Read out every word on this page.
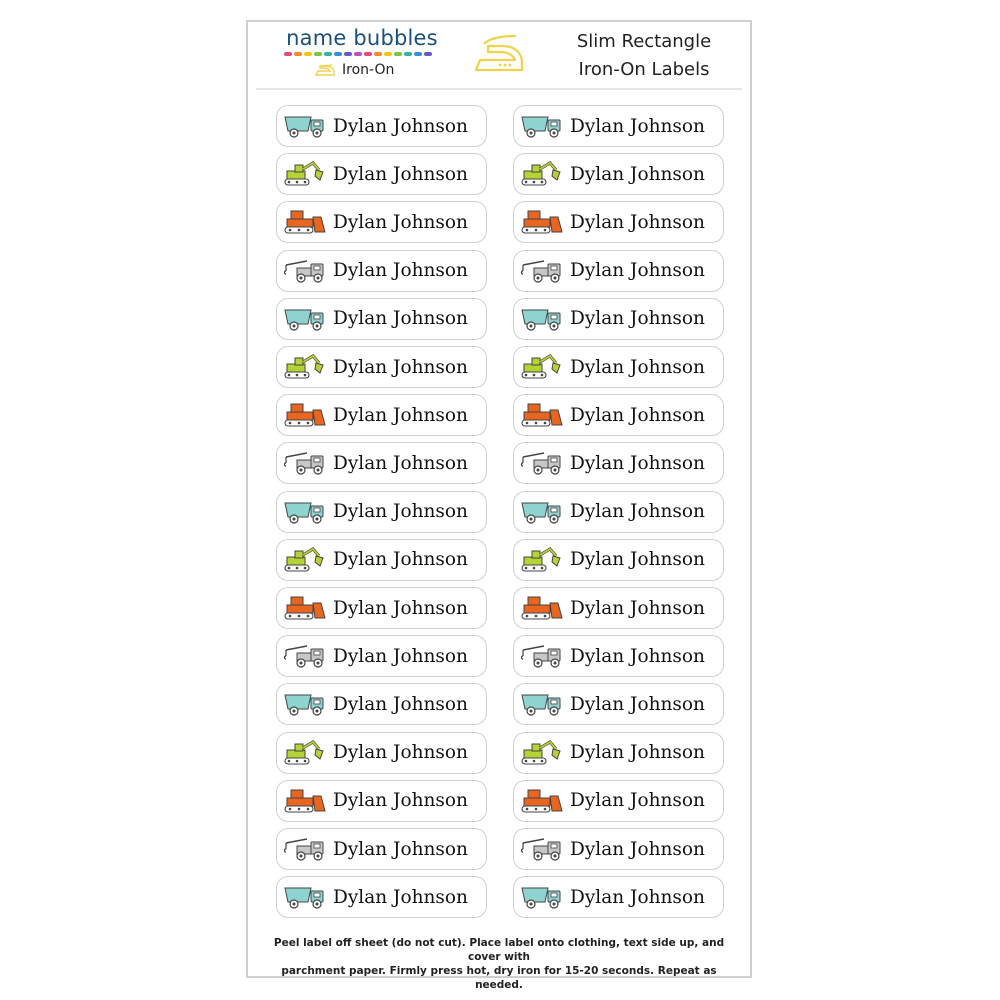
name bubbles
Iron-On
Slim Rectangle
Iron-On Labels
Dylan Johnson
Dylan Johnson
Dylan Johnson
Dylan Johnson
Dylan Johnson
Dylan Johnson
Dylan Johnson
Dylan Johnson
Dylan Johnson
Dylan Johnson
Dylan Johnson
Dylan Johnson
Dylan Johnson
Dylan Johnson
Dylan Johnson
Dylan Johnson
Dylan Johnson
Dylan Johnson
Dylan Johnson
Dylan Johnson
Dylan Johnson
Dylan Johnson
Dylan Johnson
Dylan Johnson
Dylan Johnson
Dylan Johnson
Dylan Johnson
Dylan Johnson
Dylan Johnson
Dylan Johnson
Dylan Johnson
Dylan Johnson
Dylan Johnson
Dylan Johnson
Peel label off sheet (do not cut). Place label onto clothing, text side up, and cover with
parchment paper. Firmly press hot, dry iron for 15-20 seconds. Repeat as needed.
